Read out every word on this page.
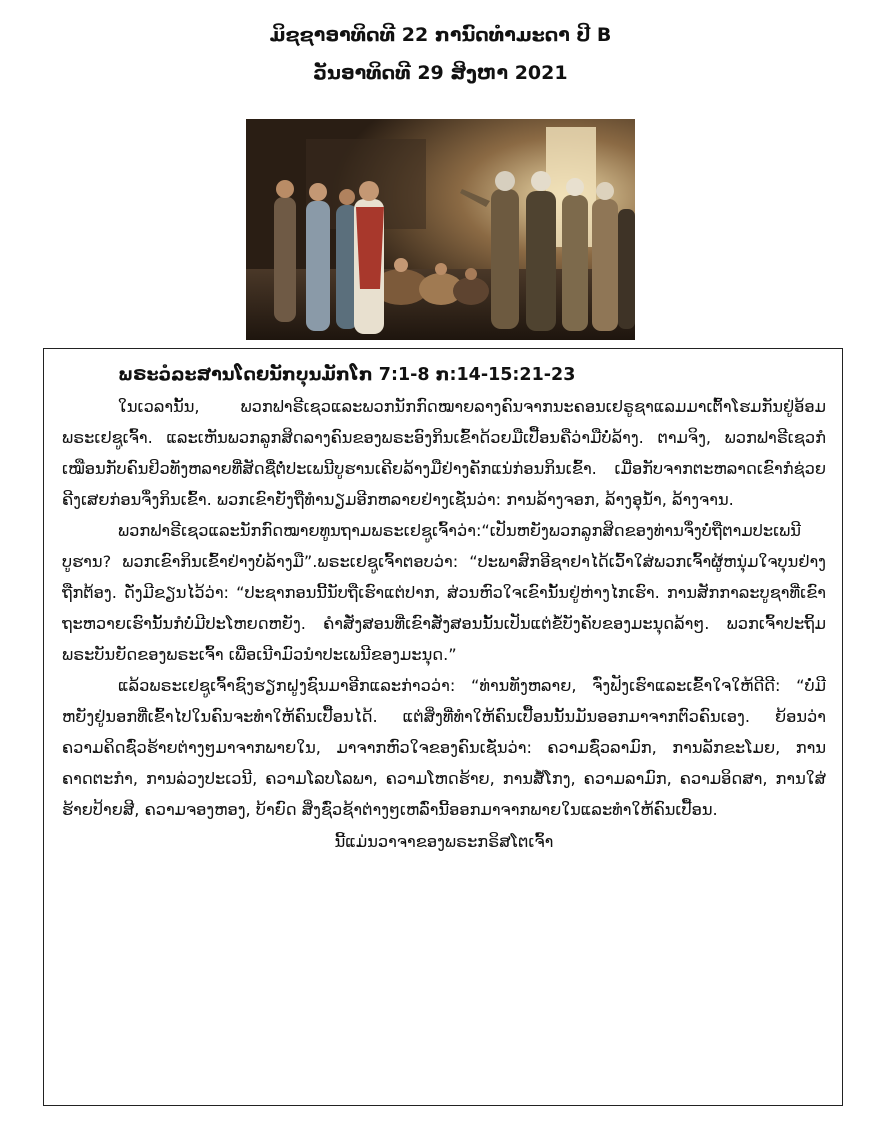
ມິຊຊາອາທິດທີ 22 ການົດທຳມະດາ ປີ B
ວັນອາທິດທີ 29 ສິງຫາ 2021

ພຣະວໍລະສານໂດຍນັກບຸນມັກໂກ 7:1-8 ກ:14-15:21-23

ໃນເວລານັ້ນ, ພວກຟາຣີເຊວແລະພວກນັກກົດໝາຍລາງຄົນຈາກນະຄອນເຢຣູຊາແລມມາເຕົ້າໂຮມກັນຢູ່ອ້ອມພຣະເຢຊູເຈົ້າ. ແລະເຫັນພວກລູກສິດລາງຄົນຂອງພຣະອົງກິນເຂົ້າດ້ວຍມືເປື້ອນຄືວ່າມືບໍ່ລ້າງ. ຕາມຈິງ, ພວກຟາຣີເຊວກໍເໝືອນກັບຄົນຢິວທັງຫລາຍທີ່ສັດຊື່ຕໍ່ປະເພນີບູຮານເຄີຍລ້າງມືຢ່າງຄັກແນ່ກ່ອນກິນເຂົ້າ. ເມື່ອກັບຈາກຕະຫລາດເຂົາກໍຊ່ວຍຄີງເສຍກ່ອນຈຶ່ງກິນເຂົ້າ. ພວກເຂົາຍັງຖືທຳນຽມອີກຫລາຍຢ່າງເຊັ່ນວ່າ: ການລ້າງຈອກ, ລ້າງອຸນ້ຳ, ລ້າງຈານ.

ພວກຟາຣີເຊວແລະນັກກົດໝາຍທູນຖາມພຣະເຢຊູເຈົ້າວ່າ:“ເປັນຫຍັງພວກລູກສິດຂອງທ່ານຈຶ່ງບໍ່ຖືຕາມປະເພນີບູຮານ? ພວກເຂົາກິນເຂົ້າຢ່າງບໍ່ລ້າງມື”.ພຣະເຢຊູເຈົ້າຕອບວ່າ: “ປະພາສົກອີຊາຢາໄດ້ເວົ້າໃສ່ພວກເຈົ້າຜູ້ຫນຸ່ມໃຈບຸນຢ່າງຖືກຕ້ອງ. ດັ່ງມີຂຽນໄວ້ວ່າ: “ປະຊາກອນນີ້ນັບຖືເຮົາແຕ່ປາກ, ສ່ວນຫົວໃຈເຂົານັ້ນຢູ່ຫ່າງໄກເຮົາ. ການສັກກາລະບູຊາທີ່ເຂົາຖະຫວາຍເຮົານັ້ນກໍບໍ່ມີປະໂຫຍດຫຍັງ. ຄຳສັ່ງສອນທີ່ເຂົາສັ່ງສອນນັ້ນເປັນແຕ່ຂໍ້ບັງຄັບຂອງມະນຸດລ້າໆ. ພວກເຈົ້າປະຖິ້ມພຣະບັນຍັດຂອງພຣະເຈົ້າ ເພື່ອເນີາມົວນຳປະເພນີຂອງມະນຸດ.”

ແລ້ວພຣະເຢຊູເຈົ້າຊົງຮຽກຝູງຊົນມາອີກແລະກ່າວວ່າ: “ທ່ານທັງຫລາຍ, ຈົ່ງຟັງເຮົາແລະເຂົ້າໃຈໃຫ້ດີດີ: “ບໍ່ມີຫຍັງຢູ່ນອກທີ່ເຂົ້າໄປໃນຄົນຈະທຳໃຫ້ຄົນເປື້ອນໄດ້. ແຕ່ສິ່ງທີ່ທຳໃຫ້ຄົນເປື້ອນນັ້ນມັນອອກມາຈາກຕົວຄົນເອງ. ຍ້ອນວ່າຄວາມຄິດຊົ່ວຮ້າຍຕ່າງໆມາຈາກພາຍໃນ, ມາຈາກຫົວໃຈຂອງຄົນເຊັ່ນວ່າ: ຄວາມຊົ່ວລາມົກ, ການລັກຂະໂມຍ, ການຄາດຕະກຳ, ການລ່ວງປະເວນີ, ຄວາມໂລບໂລພາ, ຄວາມໂຫດຮ້າຍ, ການສໍ້ໂກງ, ຄວາມລາມົກ, ຄວາມອິດສາ, ການໃສ່ຮ້າຍປ້າຍສີ, ຄວາມຈອງຫອງ, ບ້າຍົດ ສິ່ງຊົ່ວຊ້າຕ່າງໆເຫລົ່ານີ້ອອກມາຈາກພາຍໃນແລະທຳໃຫ້ຄົນເປື້ອນ.

ນີ້ແມ່ນວາຈາຂອງພຣະກຣິສໂຕເຈົ້າ
